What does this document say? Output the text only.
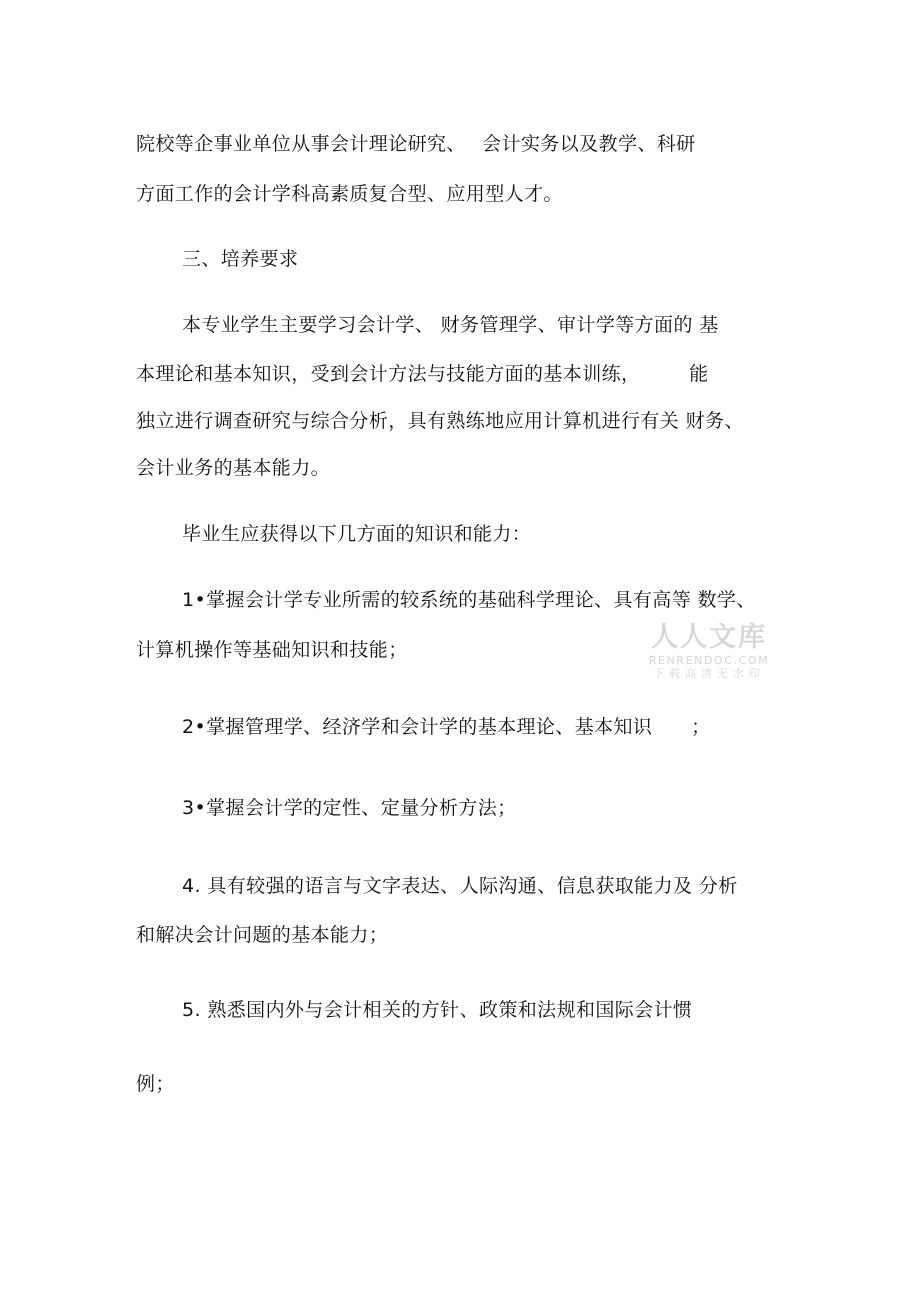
院校等企事业单位从事会计理论研究、　 会计实务以及教学、科研
方面工作的会计学科高素质复合型、应用型人才。
三、培养要求
本专业学生主要学习会计学、 财务管理学、审计学等方面的 基
本理论和基本知识，受到会计方法与技能方面的基本训练，　　　能
独立进行调查研究与综合分析，具有熟练地应用计算机进行有关 财务、
会计业务的基本能力。
毕业生应获得以下几方面的知识和能力：
1•掌握会计学专业所需的较系统的基础科学理论、具有高等 数学、
计算机操作等基础知识和技能；
2•掌握管理学、经济学和会计学的基本理论、基本知识　　；
3•掌握会计学的定性、定量分析方法；
4. 具有较强的语言与文字表达、人际沟通、信息获取能力及 分析
和解决会计问题的基本能力；
5. 熟悉国内外与会计相关的方针、政策和法规和国际会计惯
例；
人人文库
RENRENDOC.COM
下载高清无水印
